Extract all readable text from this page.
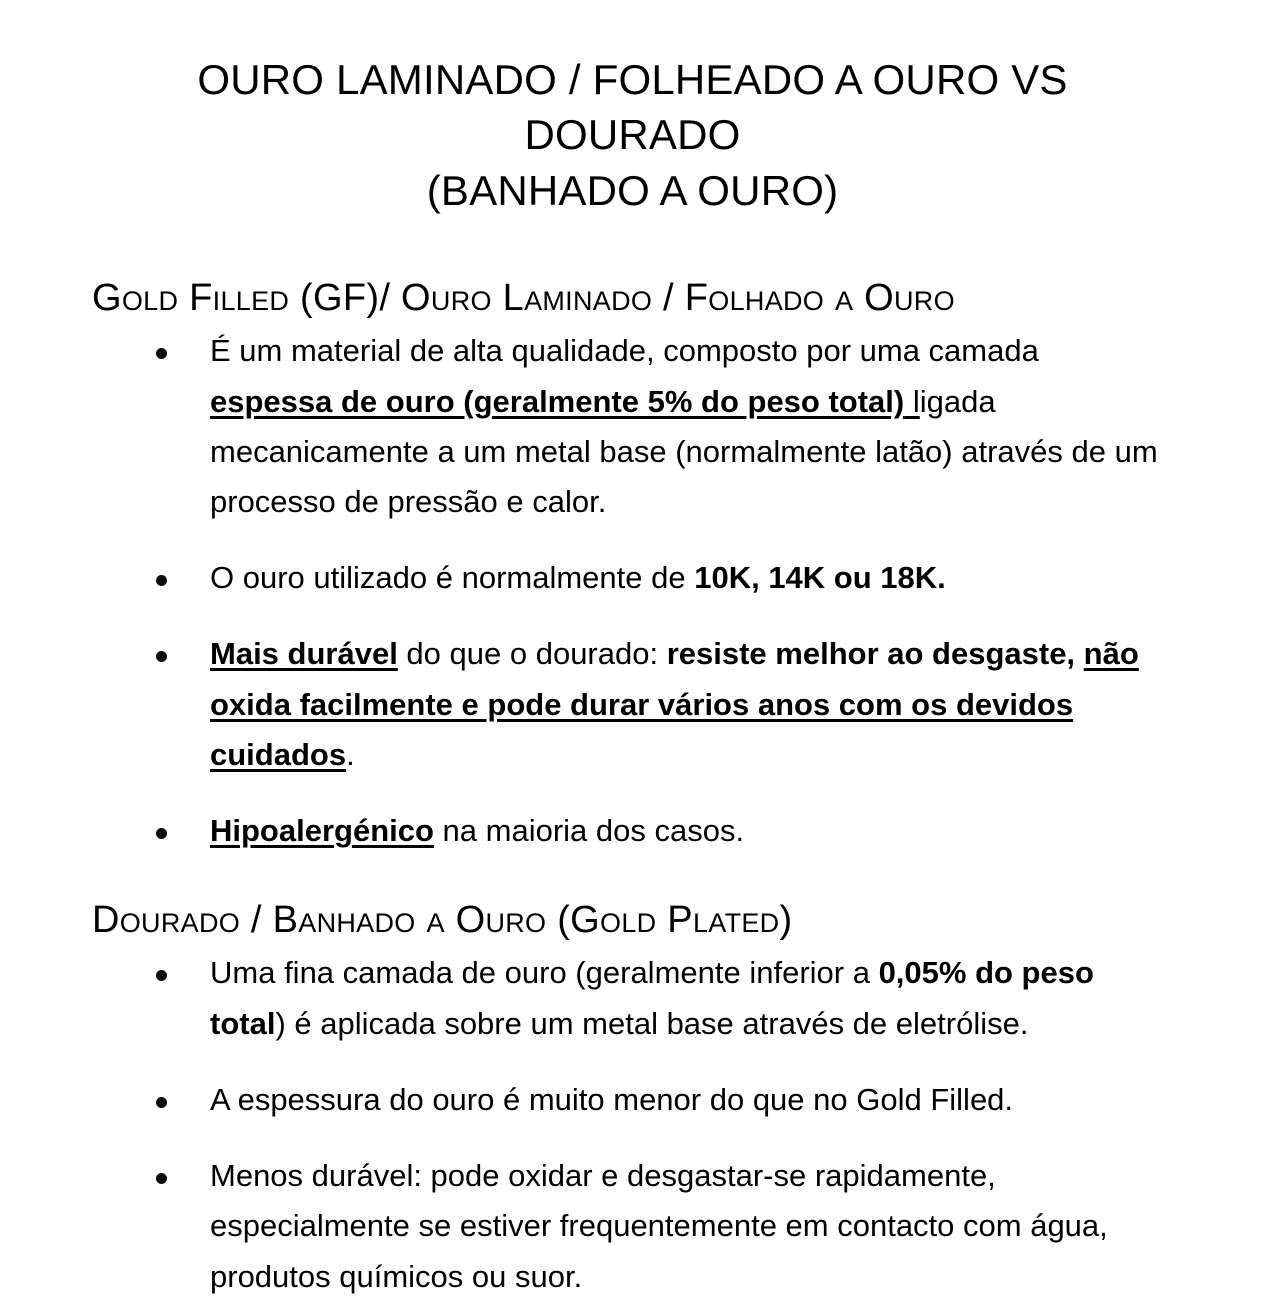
OURO LAMINADO / FOLHEADO A OURO VS DOURADO
(BANHADO A OURO)
Gold Filled (GF)/ Ouro Laminado / Folhado a Ouro
É um material de alta qualidade, composto por uma camada espessa de ouro (geralmente 5% do peso total) ligada mecanicamente a um metal base (normalmente latão) através de um processo de pressão e calor.
O ouro utilizado é normalmente de 10K, 14K ou 18K.
Mais durável do que o dourado: resiste melhor ao desgaste, não oxida facilmente e pode durar vários anos com os devidos cuidados.
Hipoalergénico na maioria dos casos.
Dourado / Banhado a Ouro (Gold Plated)
Uma fina camada de ouro (geralmente inferior a 0,05% do peso total) é aplicada sobre um metal base através de eletrólise.
A espessura do ouro é muito menor do que no Gold Filled.
Menos durável: pode oxidar e desgastar-se rapidamente, especialmente se estiver frequentemente em contacto com água, produtos químicos ou suor.
